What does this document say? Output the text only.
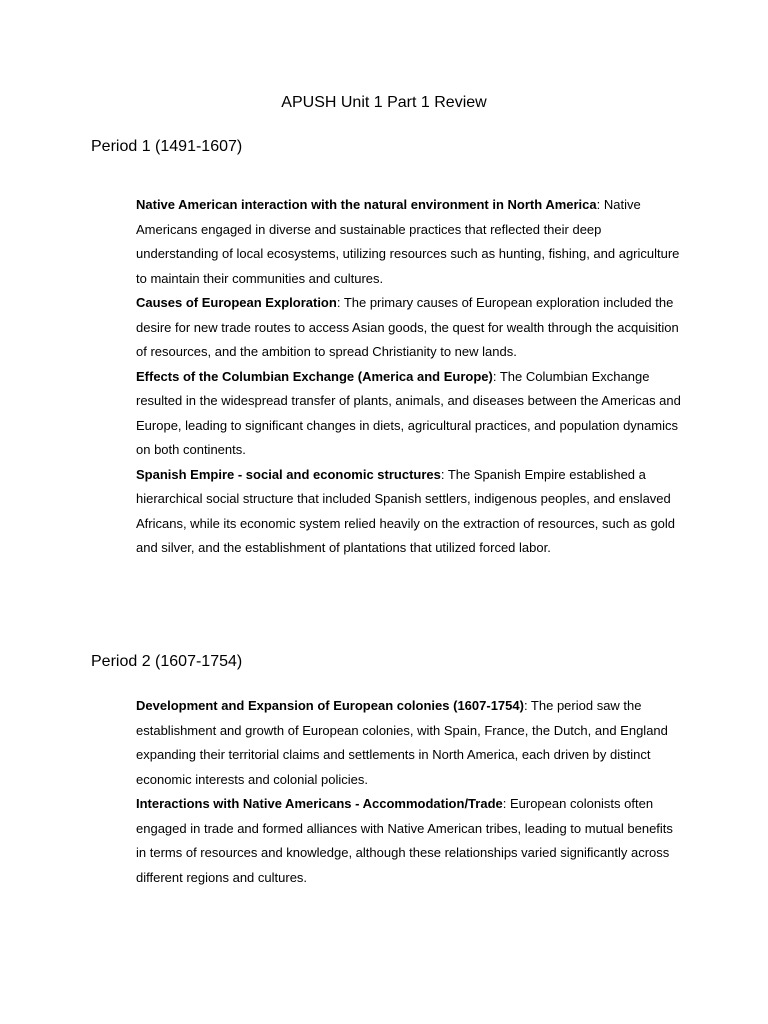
APUSH Unit 1 Part 1 Review
Period 1 (1491-1607)

Native American interaction with the natural environment in North America: Native Americans engaged in diverse and sustainable practices that reflected their deep understanding of local ecosystems, utilizing resources such as hunting, fishing, and agriculture to maintain their communities and cultures.

Causes of European Exploration: The primary causes of European exploration included the desire for new trade routes to access Asian goods, the quest for wealth through the acquisition of resources, and the ambition to spread Christianity to new lands.

Effects of the Columbian Exchange (America and Europe): The Columbian Exchange resulted in the widespread transfer of plants, animals, and diseases between the Americas and Europe, leading to significant changes in diets, agricultural practices, and population dynamics on both continents.

Spanish Empire - social and economic structures: The Spanish Empire established a hierarchical social structure that included Spanish settlers, indigenous peoples, and enslaved Africans, while its economic system relied heavily on the extraction of resources, such as gold and silver, and the establishment of plantations that utilized forced labor.

Period 2 (1607-1754)

Development and Expansion of European colonies (1607-1754): The period saw the establishment and growth of European colonies, with Spain, France, the Dutch, and England expanding their territorial claims and settlements in North America, each driven by distinct economic interests and colonial policies.

Interactions with Native Americans - Accommodation/Trade: European colonists often engaged in trade and formed alliances with Native American tribes, leading to mutual benefits in terms of resources and knowledge, although these relationships varied significantly across different regions and cultures.
